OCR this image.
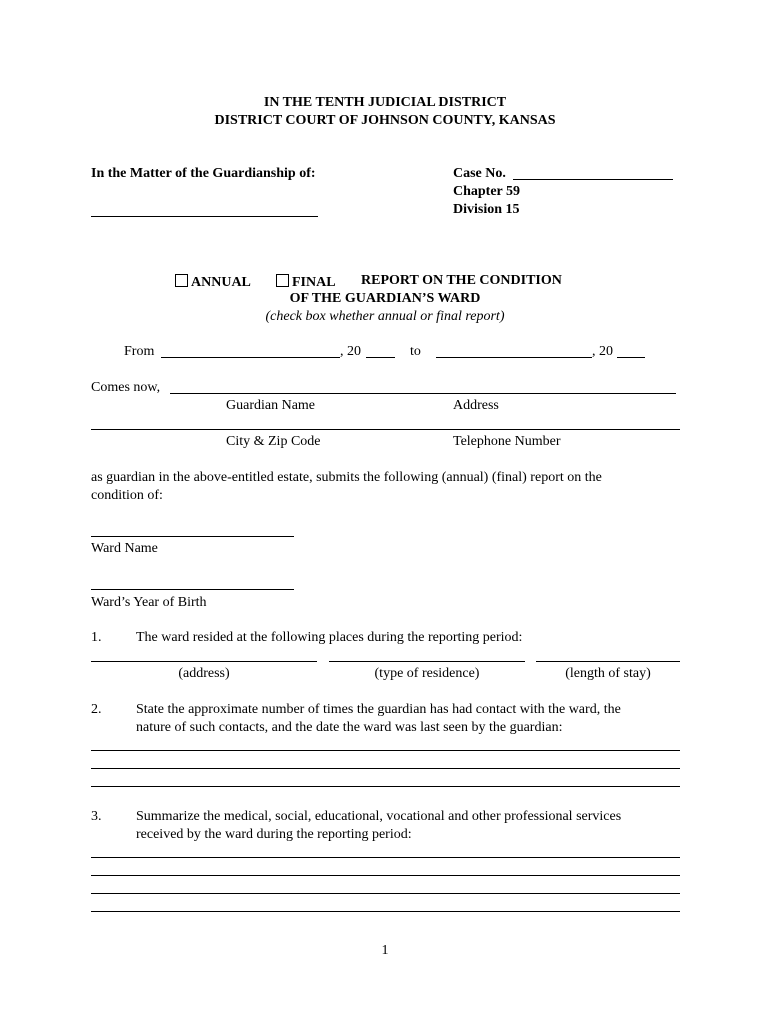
IN THE TENTH JUDICIAL DISTRICT
DISTRICT COURT OF JOHNSON COUNTY, KANSAS
In the Matter of the Guardianship of:	Case No.
Chapter 59
Division 15
ANNUAL	FINAL REPORT ON THE CONDITION
OF THE GUARDIAN’S WARD
(check box whether annual or final report)
From	, 20	to	, 20
Comes now,
Guardian Name	Address
City & Zip Code	Telephone Number
as guardian in the above-entitled estate, submits the following (annual) (final) report on the
condition of:
Ward Name
Ward’s Year of Birth
1. The ward resided at the following places during the reporting period:
(address)	(type of residence)	(length of stay)
2. State the approximate number of times the guardian has had contact with the ward, the
nature of such contacts, and the date the ward was last seen by the guardian:
3. Summarize the medical, social, educational, vocational and other professional services
received by the ward during the reporting period:
1
